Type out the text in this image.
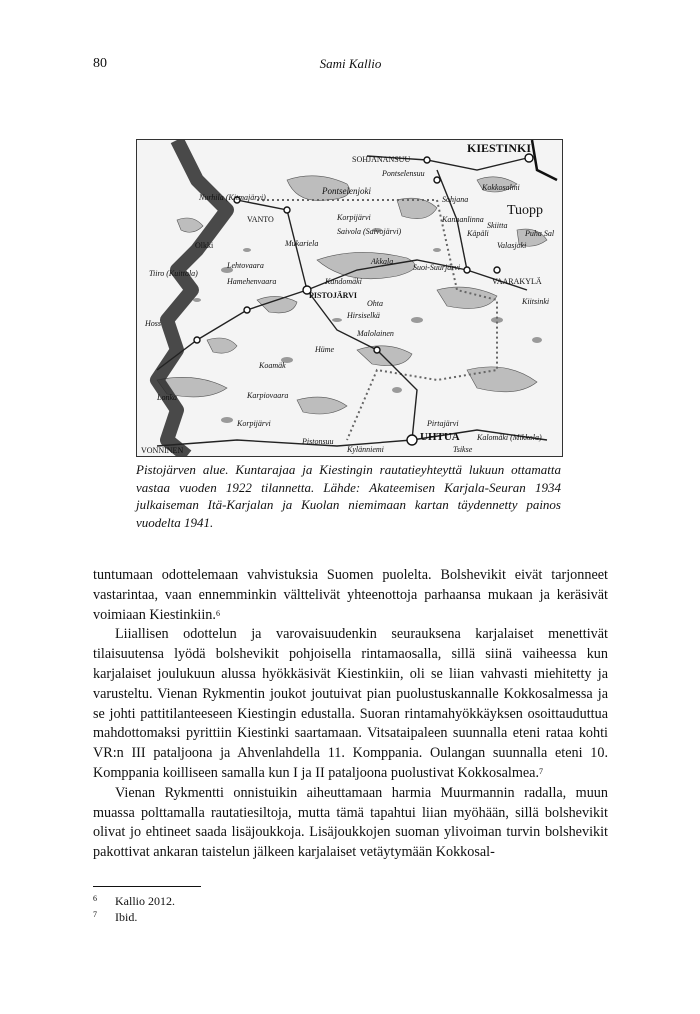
80	Sami Kallio
KIESTINKI
SOHJANANSUU
Pontselensuu
Nurhila (Kitmajärvi)
Kokkosalmi
VANTO
Sohjana
Tuopp
Pontselenjoki
Korpijärvi	Kannanlinna
Skiitta
Puha Sal
Käpäli
Saivola (Saivojärvi)
Olkki	Mukariela	Valasjoki
Akkala
Suoi-Suurjärvi
Lehtovaara
Tiiro (Kuittola)
Hamehenvaara	VAARAKYLÄ
Kandomäki
PISTOJÄRVI
Kiitsinki
Hoss
Ohta
Hirsiselkä
Malolainen
Hüme
Koamäk
Pirtajärvi
Lonka	Karpiovaara
Korpijärvi
Pistonsuu	UHTUA Kalomäki (Mikkola)
Kylänniemi	Tsikse
VONNINEN
Pistojärven alue. Kuntarajaa ja Kiestingin rautatieyhteyttä lukuun ottamatta vastaa vuoden 1922 tilannetta. Lähde: Akateemisen Karjala-Seuran 1934 julkaiseman Itä-Karjalan ja Kuolan niemimaan kartan täydennetty painos vuodelta 1941.

tuntumaan odottelemaan vahvistuksia Suomen puolelta. Bolshevikit eivät tarjonneet vastarintaa, vaan ennemminkin välttelivät yhteenottoja parhaansa mukaan ja keräsivät voimiaan Kiestinkiin.$^6$

Liiallisen odottelun ja varovaisuudenkin seurauksena karjalaiset menettivät tilaisuutensa lyödä bolshevikit pohjoisella rintamaosalla, sillä siinä vaiheessa kun karjalaiset joulukuun alussa hyökkäsivät Kiestinkiin, oli se liian vahvasti miehitetty ja varusteltu. Vienan Rykmentin joukot joutuivat pian puolustuskannalle Kokkosalmessa ja se johti pattitilanteeseen Kiestingin edustalla. Suoran rintamahyökkäyksen osoittauduttua mahdottomaksi pyrittiin Kiestinki saartamaan. Vitsataipaleen suunnalla eteni rataa kohti VR:n III pataljoona ja Ahvenlahdella 11. Komppania. Oulangan suunnalla eteni 10. Komppania koilliseen samalla kun I ja II pataljoona puolustivat Kokkosalmea.$^7$

Vienan Rykmentti onnistuikin aiheuttamaan harmia Muurmannin radalla, muun muassa polttamalla rautatiesiltoja, mutta tämä tapahtui liian myöhään, sillä bolshevikit olivat jo ehtineet saada lisäjoukkoja. Lisäjoukkojen suoman ylivoiman turvin bolshevikit pakottivat ankaran taistelun jälkeen karjalaiset vetäytymään Kokkosal-

6 Kallio 2012.
7 Ibid.
